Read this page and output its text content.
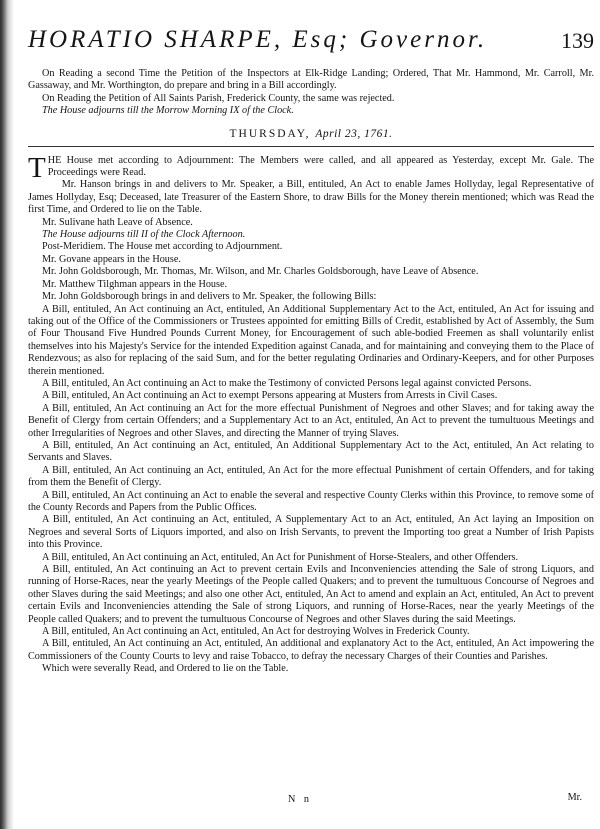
HORATIO SHARPE, Esq; Governor.	139

On Reading a second Time the Petition of the Inspectors at Elk-Ridge Landing; Ordered, That Mr. Hammond, Mr. Carroll, Mr. Gassaway, and Mr. Worthington, do prepare and bring in a Bill accordingly.

On Reading the Petition of All Saints Parish, Frederick County, the same was rejected.

The House adjourns till the Morrow Morning IX of the Clock.

THURSDAY, April 23, 1761.

THE House met according to Adjournment: The Members were called, and all appeared as Yesterday, except Mr. Gale. The Proceedings were Read.

Mr. Hanson brings in and delivers to Mr. Speaker, a Bill, entituled, An Act to enable James Hollyday, legal Representative of James Hollyday, Esq; Deceased, late Treasurer of the Eastern Shore, to draw Bills for the Money therein mentioned; which was Read the first Time, and Ordered to lie on the Table.

Mr. Sulivane hath Leave of Absence.

The House adjourns till II of the Clock Afternoon.

Post-Meridiem. The House met according to Adjournment.

Mr. Govane appears in the House.

Mr. John Goldsborough, Mr. Thomas, Mr. Wilson, and Mr. Charles Goldsborough, have Leave of Absence.

Mr. Matthew Tilghman appears in the House.

Mr. John Goldsborough brings in and delivers to Mr. Speaker, the following Bills:

A Bill, entituled, An Act continuing an Act, entituled, An Additional Supplementary Act to the Act, entituled, An Act for issuing and taking out of the Office of the Commissioners or Trustees appointed for emitting Bills of Credit, established by Act of Assembly, the Sum of Four Thousand Five Hundred Pounds Current Money, for Encouragement of such able-bodied Freemen as shall voluntarily enlist themselves into his Majesty's Service for the intended Expedition against Canada, and for maintaining and conveying them to the Place of Rendezvous; as also for replacing of the said Sum, and for the better regulating Ordinaries and Ordinary-Keepers, and for other Purposes therein mentioned.

A Bill, entituled, An Act continuing an Act to make the Testimony of convicted Persons legal against convicted Persons.

A Bill, entituled, An Act continuing an Act to exempt Persons appearing at Musters from Arrests in Civil Cases.

A Bill, entituled, An Act continuing an Act for the more effectual Punishment of Negroes and other Slaves; and for taking away the Benefit of Clergy from certain Offenders; and a Supplementary Act to an Act, entituled, An Act to prevent the tumultuous Meetings and other Irregularities of Negroes and other Slaves, and directing the Manner of trying Slaves.

A Bill, entituled, An Act continuing an Act, entituled, An Additional Supplementary Act to the Act, entituled, An Act relating to Servants and Slaves.

A Bill, entituled, An Act continuing an Act, entituled, An Act for the more effectual Punishment of certain Offenders, and for taking from them the Benefit of Clergy.

A Bill, entituled, An Act continuing an Act to enable the several and respective County Clerks within this Province, to remove some of the County Records and Papers from the Public Offices.

A Bill, entituled, An Act continuing an Act, entituled, A Supplementary Act to an Act, entituled, An Act laying an Imposition on Negroes and several Sorts of Liquors imported, and also on Irish Servants, to prevent the Importing too great a Number of Irish Papists into this Province.

A Bill, entituled, An Act continuing an Act, entituled, An Act for Punishment of Horse-Stealers, and other Offenders.

A Bill, entituled, An Act continuing an Act to prevent certain Evils and Inconveniencies attending the Sale of strong Liquors, and running of Horse-Races, near the yearly Meetings of the People called Quakers; and to prevent the tumultuous Concourse of Negroes and other Slaves during the said Meetings; and also one other Act, entituled, An Act to amend and explain an Act, entituled, An Act to prevent certain Evils and Inconveniencies attending the Sale of strong Liquors, and running of Horse-Races, near the yearly Meetings of the People called Quakers; and to prevent the tumultuous Concourse of Negroes and other Slaves during the said Meetings.

A Bill, entituled, An Act continuing an Act, entituled, An Act for destroying Wolves in Frederick County.

A Bill, entituled, An Act continuing an Act, entituled, An additional and explanatory Act to the Act, entituled, An Act impowering the Commissioners of the County Courts to levy and raise Tobacco, to defray the necessary Charges of their Counties and Parishes.

Which were severally Read, and Ordered to lie on the Table.

N n	Mr.
